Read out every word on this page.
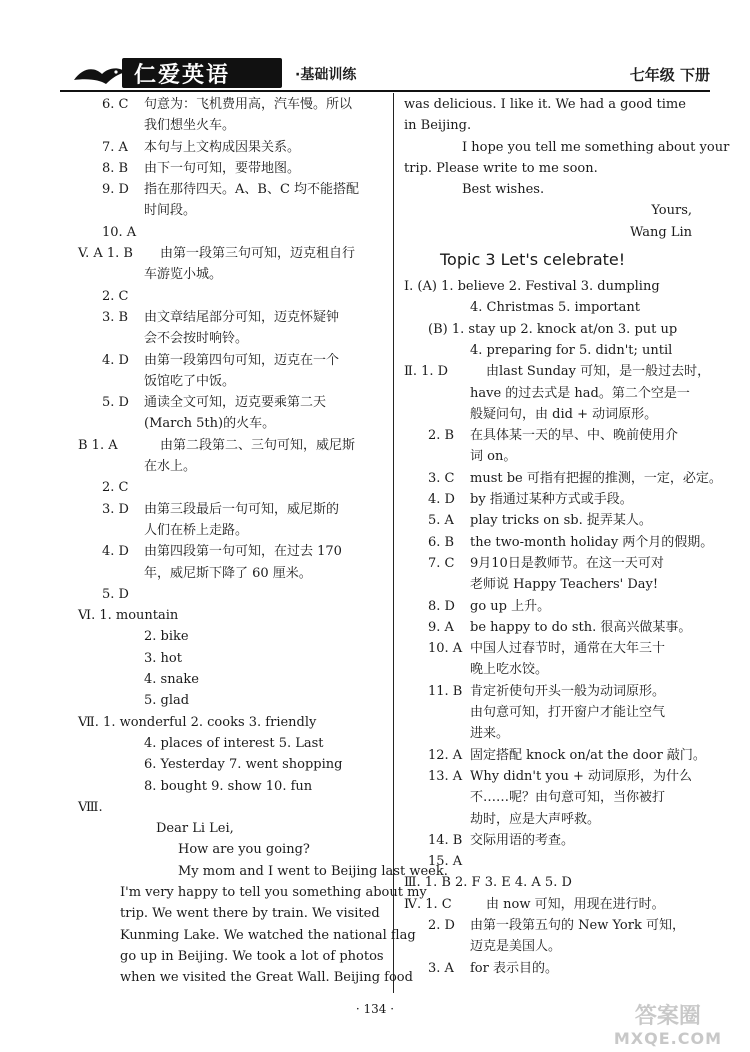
仁爱英语	·基础训练	七年级 下册
6. C 句意为：飞机费用高，汽车慢。所以
我们想坐火车。
7. A 本句与上文构成因果关系。
8. B 由下一句可知，要带地图。
9. D 指在那待四天。A、B、C 均不能搭配
时间段。
10. A
V. A 1. B 由第一段第三句可知，迈克租自行
车游览小城。
2. C
3. B 由文章结尾部分可知，迈克怀疑钟
会不会按时响铃。
4. D 由第一段第四句可知，迈克在一个
饭馆吃了中饭。
5. D 通读全文可知，迈克要乘第二天
(March 5th)的火车。
B 1. A	由第二段第二、三句可知，威尼斯
在水上。
2. C
3. D 由第三段最后一句可知，威尼斯的
人们在桥上走路。
4. D 由第四段第一句可知，在过去 170
年，威尼斯下降了 60 厘米。
5. D
Ⅵ. 1. mountain
2. bike
3. hot
4. snake
5. glad
Ⅶ. 1. wonderful 2. cooks 3. friendly
4. places of interest 5. Last
6. Yesterday 7. went shopping
8. bought 9. show 10. fun
Ⅷ.
Dear Li Lei,
How are you going?
My mom and I went to Beijing last week.
I'm very happy to tell you something about my
trip. We went there by train. We visited
Kunming Lake. We watched the national flag
go up in Beijing. We took a lot of photos
when we visited the Great Wall. Beijing food
was delicious. I like it. We had a good time
in Beijing.
I hope you tell me something about your
trip. Please write to me soon.
Best wishes.
Yours,
Wang Lin
Topic 3 Let's celebrate!
Ⅰ. (A) 1. believe 2. Festival 3. dumpling
4. Christmas 5. important
(B) 1. stay up 2. knock at/on 3. put up
4. preparing for 5. didn't; until
Ⅱ. 1. D	由last Sunday 可知，是一般过去时，
have 的过去式是 had。第二个空是一
般疑问句，由 did + 动词原形。
2. B 在具体某一天的早、中、晚前使用介
词 on。
3. C must be 可指有把握的推测，一定，必定。
4. D by 指通过某种方式或手段。
5. A play tricks on sb. 捉弄某人。
6. B the two-month holiday 两个月的假期。
7. C 9月10日是教师节。在这一天可对
老师说 Happy Teachers' Day!
8. D go up 上升。
9. A be happy to do sth. 很高兴做某事。
10. A 中国人过春节时，通常在大年三十
晚上吃水饺。
11. B 肯定祈使句开头一般为动词原形。
由句意可知，打开窗户才能让空气
进来。
12. A 固定搭配 knock on/at the door 敲门。
13. A Why didn't you + 动词原形，为什么
不……呢？由句意可知，当你被打
劫时，应是大声呼救。
14. B 交际用语的考查。
15. A
Ⅲ. 1. B 2. F 3. E 4. A 5. D
Ⅳ. 1. C	由 now 可知，用现在进行时。
2. D 由第一段第五句的 New York 可知，
迈克是美国人。
3. A for 表示目的。
· 134 ·	答案圈
MXQE.COM
